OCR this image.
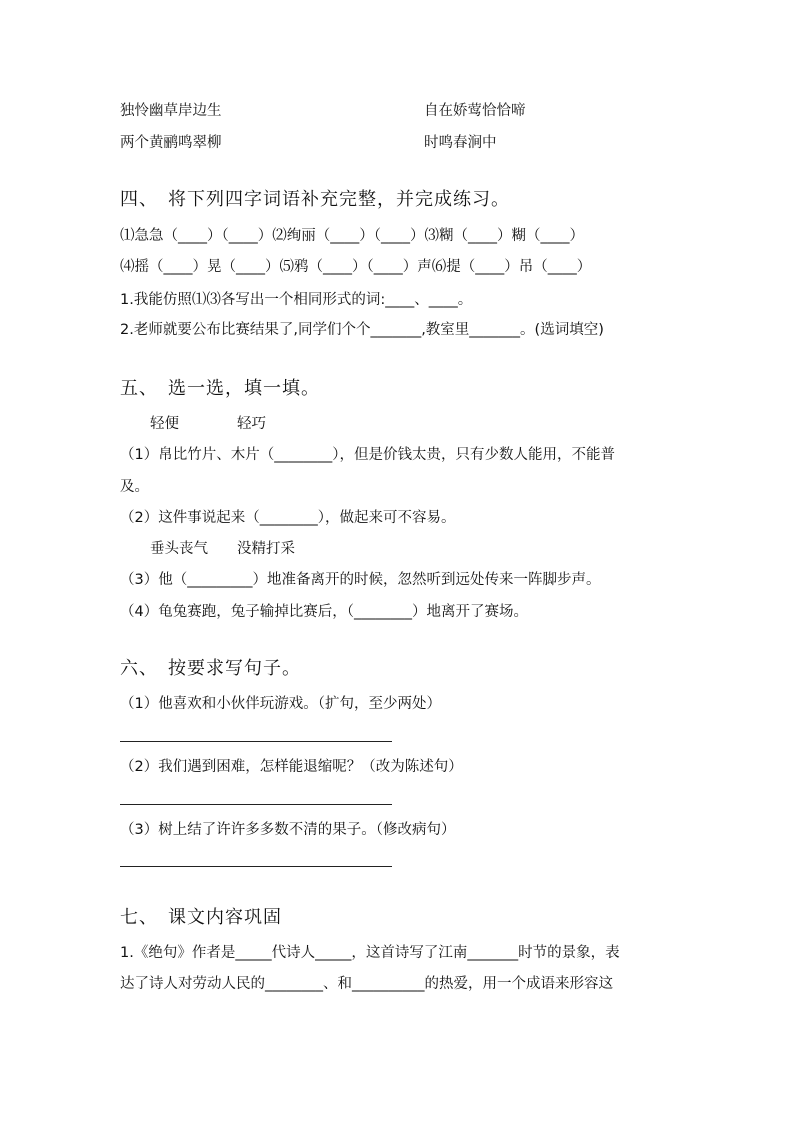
独怜幽草岸边生	自在娇莺恰恰啼
两个黄鹂鸣翠柳	时鸣春涧中
四、　将下列四字词语补充完整，并完成练习。
⑴急急（____）（____）⑵绚丽（____）（____）⑶糊（____）糊（____）
⑷摇（____）晃（____）⑸鸦（____）（____）声⑹提（____）吊（____）
1.我能仿照⑴⑶各写出一个相同形式的词:____、____。
2.老师就要公布比赛结果了,同学们个个_______,教室里_______。(选词填空)
五、　选一选，填一填。
轻便　　　　轻巧
（1）帛比竹片、木片（________），但是价钱太贵，只有少数人能用，不能普
及。
（2）这件事说起来（________），做起来可不容易。
垂头丧气　　没精打采
（3）他（_________）地准备离开的时候，忽然听到远处传来一阵脚步声。
（4）龟兔赛跑，兔子输掉比赛后，（________）地离开了赛场。
六、　按要求写句子。
（1）他喜欢和小伙伴玩游戏。（扩句，至少两处）
（2）我们遇到困难，怎样能退缩呢？（改为陈述句）
（3）树上结了许许多多数不清的果子。（修改病句）
七、　课文内容巩固
1.《绝句》作者是_____代诗人_____，这首诗写了江南_______时节的景象，表
达了诗人对劳动人民的________、和__________的热爱，用一个成语来形容这
